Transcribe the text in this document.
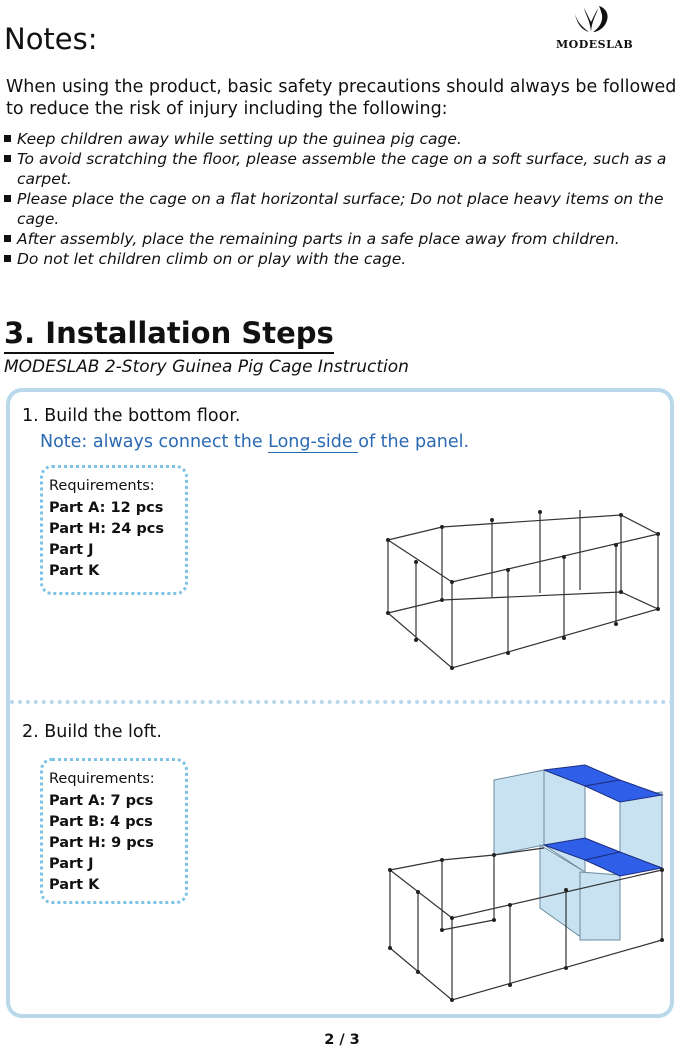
Notes:	MODESLAB
When using the product, basic safety precautions should always be followed to reduce the risk of injury including the following:
Keep children away while setting up the guinea pig cage.
To avoid scratching the floor, please assemble the cage on a soft surface, such as a carpet.
Please place the cage on a flat horizontal surface; Do not place heavy items on the cage.
After assembly, place the remaining parts in a safe place away from children.
Do not let children climb on or play with the cage.
3. Installation Steps
MODESLAB 2-Story Guinea Pig Cage Instruction
1. Build the bottom floor.
Note: always connect the Long-side of the panel.
Requirements:
Part A: 12 pcs
Part H: 24 pcs
Part J
Part K
2. Build the loft.
Requirements:
Part A: 7 pcs
Part B: 4 pcs
Part H: 9 pcs
Part J
Part K
2 / 3
